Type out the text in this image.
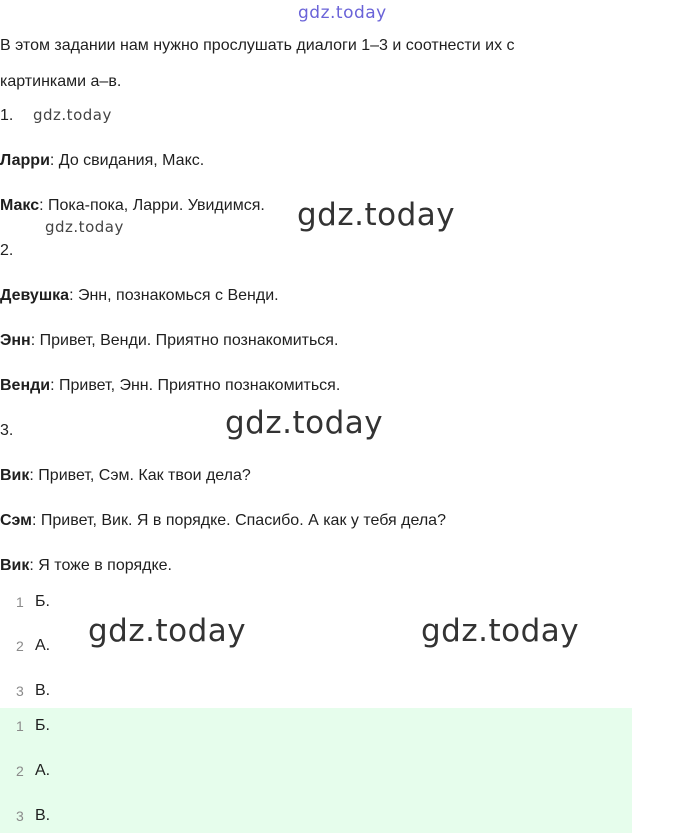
gdz.today
gdz.today
gdz.today	gdz.today
gdz.today
gdz.today	gdz.today
В этом задании нам нужно прослушать диалоги 1–3 и соотнести их с
картинками а–в.
1.
Ларри: До свидания, Макс.
Макс: Пока-пока, Ларри. Увидимся.
2.
Девушка: Энн, познакомься с Венди.
Энн: Привет, Венди. Приятно познакомиться.
Венди: Привет, Энн. Приятно познакомиться.
3.
Вик: Привет, Сэм. Как твои дела?
Сэм: Привет, Вик. Я в порядке. Спасибо. А как у тебя дела?
Вик: Я тоже в порядке.
1 Б.
2 А.
3 В.
1 Б.
2 А.
3 В.
